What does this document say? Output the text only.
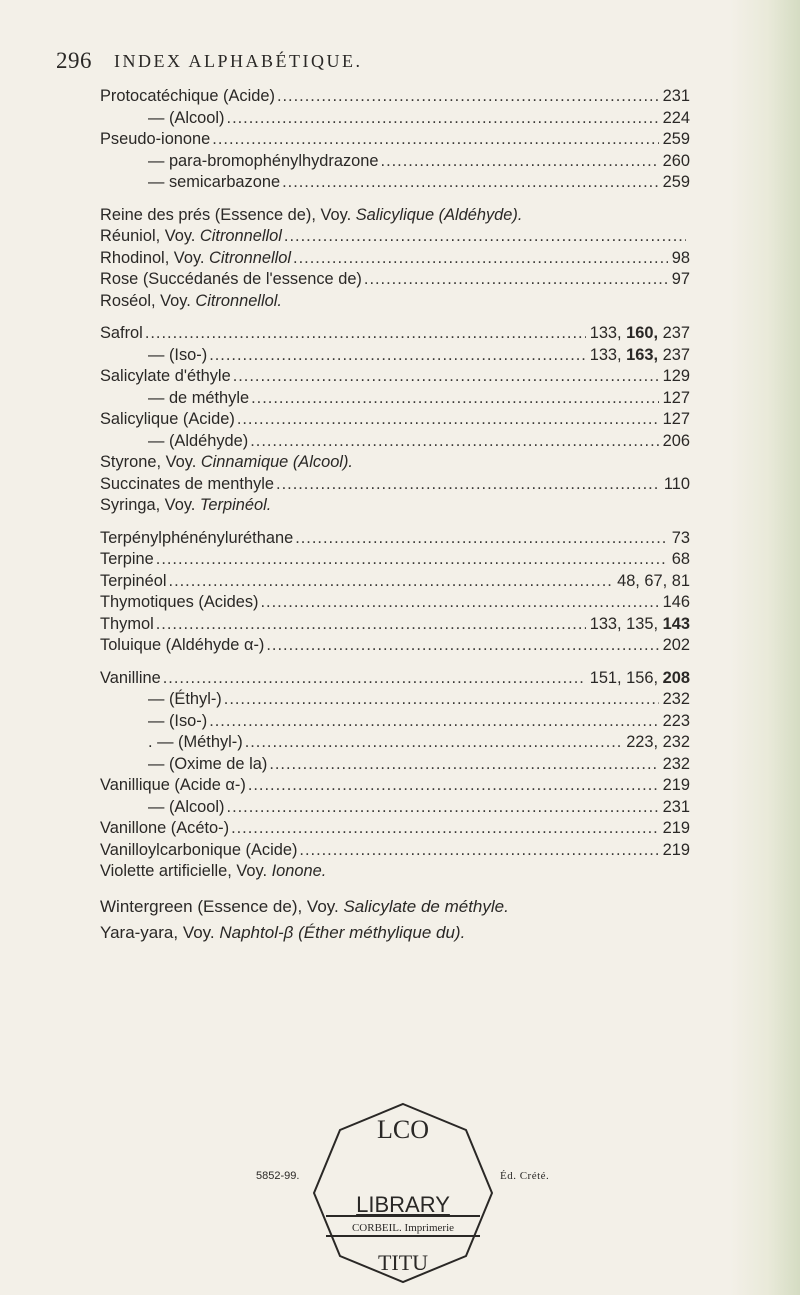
296 INDEX ALPHABÉTIQUE.
Protocatéchique (Acide) .....	231
— (Alcool) .....	224
Pseudo-ionone .....	259
— para-bromophénylhydrazone .....	260
— semicarbazone .....	259
Reine des prés (Essence de), Voy. Salicylique (Aldéhyde).
Réuniol, Voy. Citronnellol
.....
Rhodinol, Voy. Citronnellol .....	98
Rose (Succédanés de l'essence de) .....	97
Roséol, Voy. Citronnellol.
Safrol .....	133, 160, 237
— (Iso-) .....	133, 163, 237
Salicylate d'éthyle .....	129
— de méthyle .....	127
Salicylique (Acide) .....	127
— (Aldéhyde) .....	206
Styrone, Voy. Cinnamique (Alcool).
Succinates de menthyle .....	110
Syringa, Voy. Terpinéol.
Terpénylphénényluréthane .....	73
Terpine .....	68
Terpinéol .....	48, 67, 81
Thymotiques (Acides) .....	146
Thymol .....	133, 135, 143
Toluique (Aldéhyde α-) .....	202
Vanilline .....	151, 156, 208
— (Éthyl-) .....	232
— (Iso-) .....	223
. — (Méthyl-) .....	223, 232
— (Oxime de la) .....	232
Vanillique (Acide α-) .....	219
— (Alcool) .....	231
Vanillone (Acéto-) .....	219
Vanilloylcarbonique (Acide) .....	219
Violette artificielle, Voy. Ionone.
Wintergreen (Essence de), Voy. Salicylate de méthyle.
Yara-yara, Voy. Naphtol-β (Éther méthylique du).
LCO
LIBRARY
CORBEIL. Imprimerie
TITU
5852-99.	Éd. Crété.
